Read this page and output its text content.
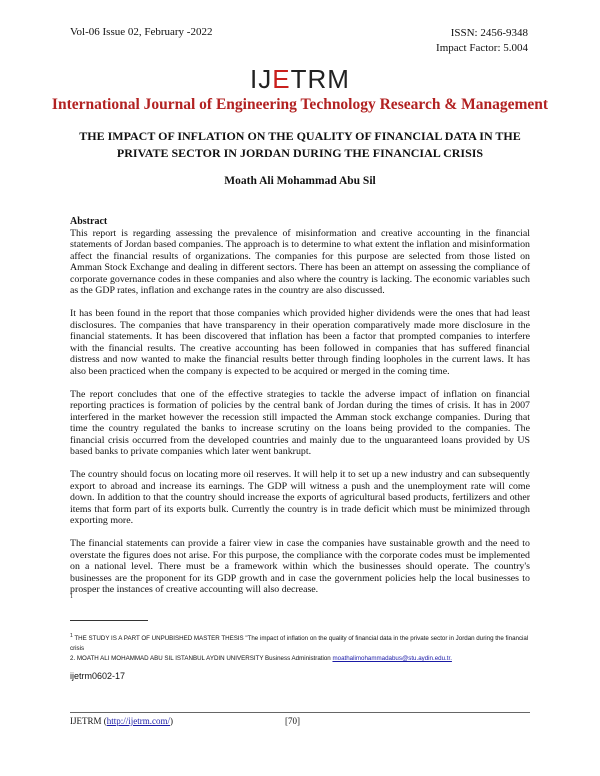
Vol-06 Issue 02, February -2022	ISSN: 2456-9348
Impact Factor: 5.004
IJETRM
International Journal of Engineering Technology Research & Management
THE IMPACT OF INFLATION ON THE QUALITY OF FINANCIAL DATA IN THE
PRIVATE SECTOR IN JORDAN DURING THE FINANCIAL CRISIS
Moath Ali Mohammad Abu Sil
Abstract

This report is regarding assessing the prevalence of misinformation and creative accounting in the financial statements of Jordan based companies. The approach is to determine to what extent the inflation and misinformation affect the financial results of organizations. The companies for this purpose are selected from those listed on Amman Stock Exchange and dealing in different sectors. There has been an attempt on assessing the compliance of corporate governance codes in these companies and also where the country is lacking. The economic variables such as the GDP rates, inflation and exchange rates in the country are also discussed.

It has been found in the report that those companies which provided higher dividends were the ones that had least disclosures. The companies that have transparency in their operation comparatively made more disclosure in the financial statements. It has been discovered that inflation has been a factor that prompted companies to interfere with the financial results. The creative accounting has been followed in companies that has suffered financial distress and now wanted to make the financial results better through finding loopholes in the current laws. It has also been practiced when the company is expected to be acquired or merged in the coming time.

The report concludes that one of the effective strategies to tackle the adverse impact of inflation on financial reporting practices is formation of policies by the central bank of Jordan during the times of crisis. It has in 2007 interfered in the market however the recession still impacted the Amman stock exchange companies. During that time the country regulated the banks to increase scrutiny on the loans being provided to the companies. The financial crisis occurred from the developed countries and mainly due to the unguaranteed loans provided by US based banks to private companies which later went bankrupt.

The country should focus on locating more oil reserves. It will help it to set up a new industry and can subsequently export to abroad and increase its earnings. The GDP will witness a push and the unemployment rate will come down. In addition to that the country should increase the exports of agricultural based products, fertilizers and other items that form part of its exports bulk. Currently the country is in trade deficit which must be minimized through exporting more.

The financial statements can provide a fairer view in case the companies have sustainable growth and the need to overstate the figures does not arise. For this purpose, the compliance with the corporate codes must be implemented on a national level. There must be a framework within which the businesses should operate. The country's businesses are the proponent for its GDP growth and in case the government policies help the local businesses to prosper the instances of creative accounting will also decrease.

1
$^1$ THE STUDY IS A PART OF UNPUBISHED MASTER THESIS "The impact of inflation on the quality of financial data in the private sector in Jordan during the financial crisis
2. MOATH ALI MOHAMMAD ABU SIL ISTANBUL AYDIN UNIVERSITY Business Administration moathalimohammadabus@stu.aydin.edu.tr.
ijetrm0602-17
IJETRM (http://ijetrm.com/)	[70]
